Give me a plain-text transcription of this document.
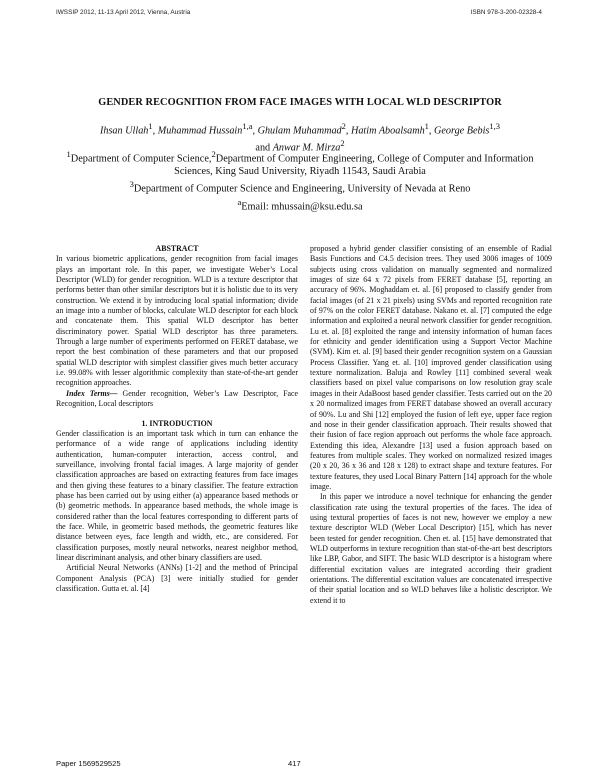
IWSSIP 2012, 11-13 April 2012, Vienna, Austria	ISBN 978-3-200-02328-4
GENDER RECOGNITION FROM FACE IMAGES WITH LOCAL WLD DESCRIPTOR
Ihsan Ullah$^1$, Muhammad Hussain$^{1,a}$, Ghulam Muhammad$^2$, Hatim Aboalsamh$^1$, George Bebis$^{1,3}$
and Anwar M. Mirza$^2$
$^1$Department of Computer Science,$^2$Department of Computer Engineering, College of Computer and Information Sciences, King Saud University, Riyadh 11543, Saudi Arabia
$^3$Department of Computer Science and Engineering, University of Nevada at Reno
$^a$Email: mhussain@ksu.edu.sa

ABSTRACT

In various biometric applications, gender recognition from facial images plays an important role. In this paper, we investigate Weber’s Local Descriptor (WLD) for gender recognition. WLD is a texture descriptor that performs better than other similar descriptors but it is holistic due to its very construction. We extend it by introducing local spatial information; divide an image into a number of blocks, calculate WLD descriptor for each block and concatenate them. This spatial WLD descriptor has better discriminatory power. Spatial WLD descriptor has three parameters. Through a large number of experiments performed on FERET database, we report the best combination of these parameters and that our proposed spatial WLD descriptor with simplest classifier gives much better accuracy i.e. 99.08% with lesser algorithmic complexity than state-of-the-art gender recognition approaches.

Index Terms— Gender recognition, Weber’s Law Descriptor, Face Recognition, Local descriptors

1. INTRODUCTION

Gender classification is an important task which in turn can enhance the performance of a wide range of applications including identity authentication, human-computer interaction, access control, and surveillance, involving frontal facial images. A large majority of gender classification approaches are based on extracting features from face images and then giving these features to a binary classifier. The feature extraction phase has been carried out by using either (a) appearance based methods or (b) geometric methods. In appearance based methods, the whole image is considered rather than the local features corresponding to different parts of the face. While, in geometric based methods, the geometric features like distance between eyes, face length and width, etc., are considered. For classification purposes, mostly neural networks, nearest neighbor method, linear discriminant analysis, and other binary classifiers are used.

Artificial Neural Networks (ANNs) [1-2] and the method of Principal Component Analysis (PCA) [3] were initially studied for gender classification. Gutta et. al. [4]

proposed a hybrid gender classifier consisting of an ensemble of Radial Basis Functions and C4.5 decision trees. They used 3006 images of 1009 subjects using cross validation on manually segmented and normalized images of size 64 x 72 pixels from FERET database [5], reporting an accuracy of 96%. Moghaddam et. al. [6] proposed to classify gender from facial images (of 21 x 21 pixels) using SVMs and reported recognition rate of 97% on the color FERET database. Nakano et. al. [7] computed the edge information and exploited a neural network classifier for gender recognition. Lu et. al. [8] exploited the range and intensity information of human faces for ethnicity and gender identification using a Support Vector Machine (SVM). Kim et. al. [9] based their gender recognition system on a Gaussian Process Classifier. Yang et. al. [10] improved gender classification using texture normalization. Baluja and Rowley [11] combined several weak classifiers based on pixel value comparisons on low resolution gray scale images in their AdaBoost based gender classifier. Tests carried out on the 20 x 20 normalized images from FERET database showed an overall accuracy of 90%. Lu and Shi [12] employed the fusion of left eye, upper face region and nose in their gender classification approach. Their results showed that their fusion of face region approach out performs the whole face approach. Extending this idea, Alexandre [13] used a fusion approach based on features from multiple scales. They worked on normalized resized images (20 x 20, 36 x 36 and 128 x 128) to extract shape and texture features. For texture features, they used Local Binary Pattern [14] approach for the whole image.

In this paper we introduce a novel technique for enhancing the gender classification rate using the textural properties of the faces. The idea of using textural properties of faces is not new, however we employ a new texture descriptor WLD (Weber Local Descriptor) [15], which has never been tested for gender recognition. Chen et. al. [15] have demonstrated that WLD outperforms in texture recognition than stat-of-the-art best descriptors like LBP, Gabor, and SIFT. The basic WLD descriptor is a histogram where differential excitation values are integrated according their gradient orientations. The differential excitation values are concatenated irrespective of their spatial location and so WLD behaves like a holistic descriptor. We extend it to

Paper 1569529525	417
